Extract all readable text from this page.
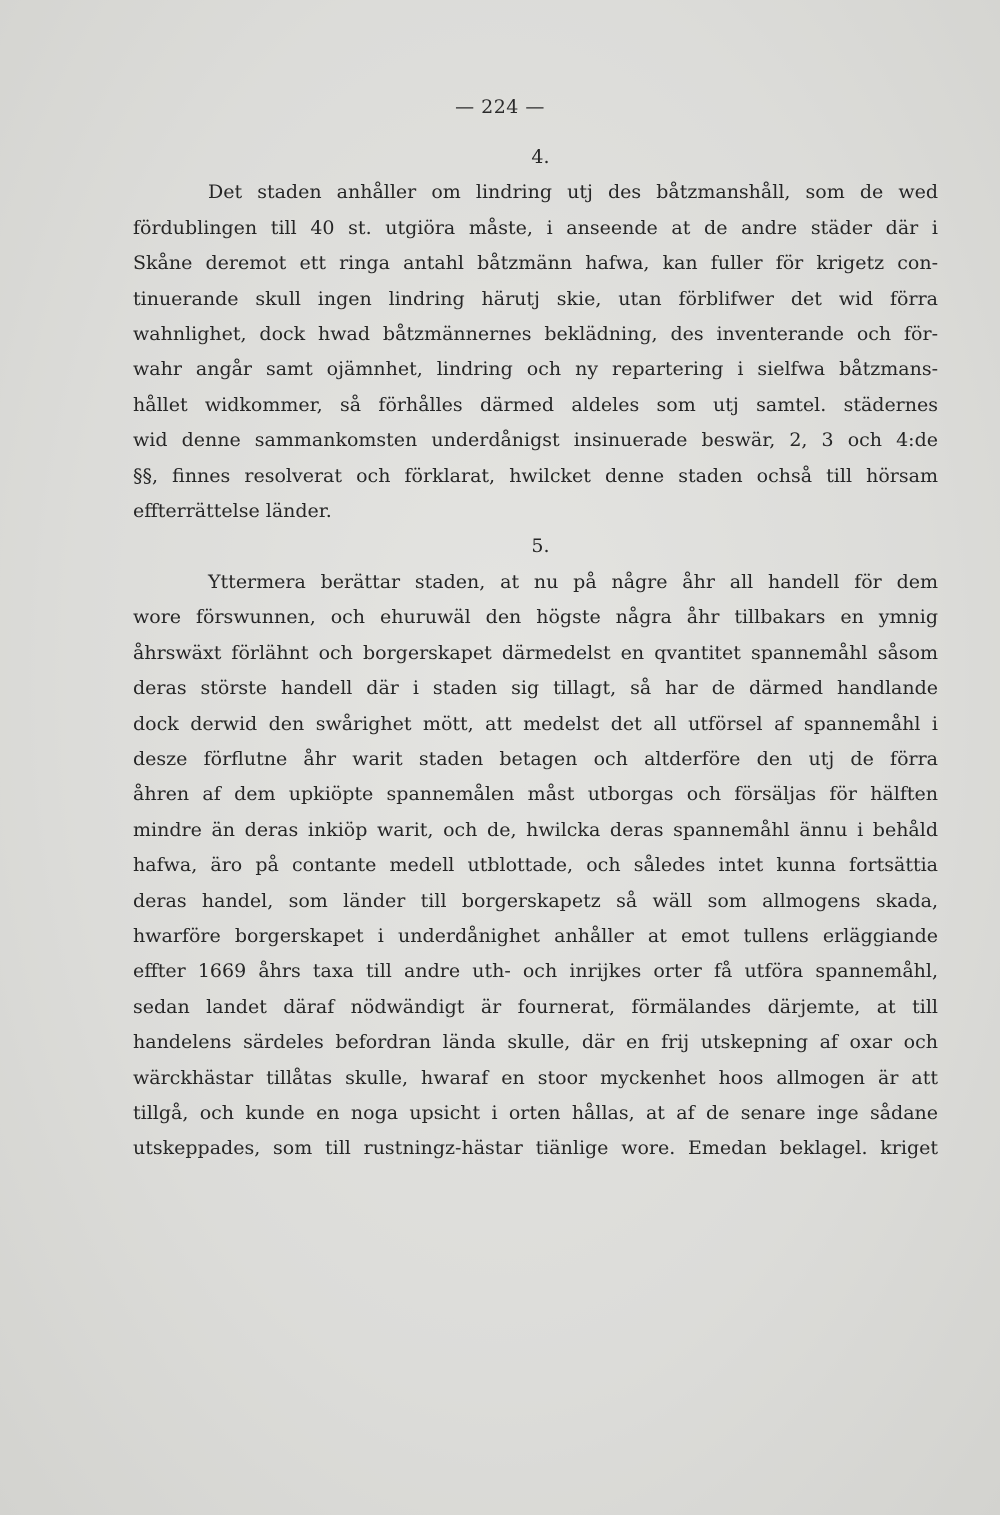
— 224 —
4.
Det staden anhåller om lindring utj des båtzmanshåll, som de wed
fördublingen till 40 st. utgiöra måste, i anseende at de andre städer där i
Skåne deremot ett ringa antahl båtzmänn hafwa, kan fuller för krigetz con-
tinuerande skull ingen lindring härutj skie, utan förblifwer det wid förra
wahnlighet, dock hwad båtzmännernes beklädning, des inventerande och för-
wahr angår samt ojämnhet, lindring och ny repartering i sielfwa båtzmans-
hållet widkommer, så förhålles därmed aldeles som utj samtel. städernes
wid denne sammankomsten underdånigst insinuerade beswär, 2, 3 och 4:de
§§, finnes resolverat och förklarat, hwilcket denne staden ochså till hörsam
effterrättelse länder.
5.
Yttermera berättar staden, at nu på någre åhr all handell för dem
wore förswunnen, och ehuruwäl den högste några åhr tillbakars en ymnig
åhrswäxt förlähnt och borgerskapet därmedelst en qvantitet spannemåhl såsom
deras störste handell där i staden sig tillagt, så har de därmed handlande
dock derwid den swårighet mött, att medelst det all utförsel af spannemåhl i
desze förflutne åhr warit staden betagen och altderföre den utj de förra
åhren af dem upkiöpte spannemålen måst utborgas och försäljas för hälften
mindre än deras inkiöp warit, och de, hwilcka deras spannemåhl ännu i behåld
hafwa, äro på contante medell utblottade, och således intet kunna fortsättia
deras handel, som länder till borgerskapetz så wäll som allmogens skada,
hwarföre borgerskapet i underdånighet anhåller at emot tullens erläggiande
effter 1669 åhrs taxa till andre uth- och inrijkes orter få utföra spannemåhl,
sedan landet däraf nödwändigt är fournerat, förmälandes därjemte, at till
handelens särdeles befordran lända skulle, där en frij utskepning af oxar och
wärckhästar tillåtas skulle, hwaraf en stoor myckenhet hoos allmogen är att
tillgå, och kunde en noga upsicht i orten hållas, at af de senare inge sådane
utskeppades, som till rustningz-hästar tiänlige wore. Emedan beklagel. kriget
